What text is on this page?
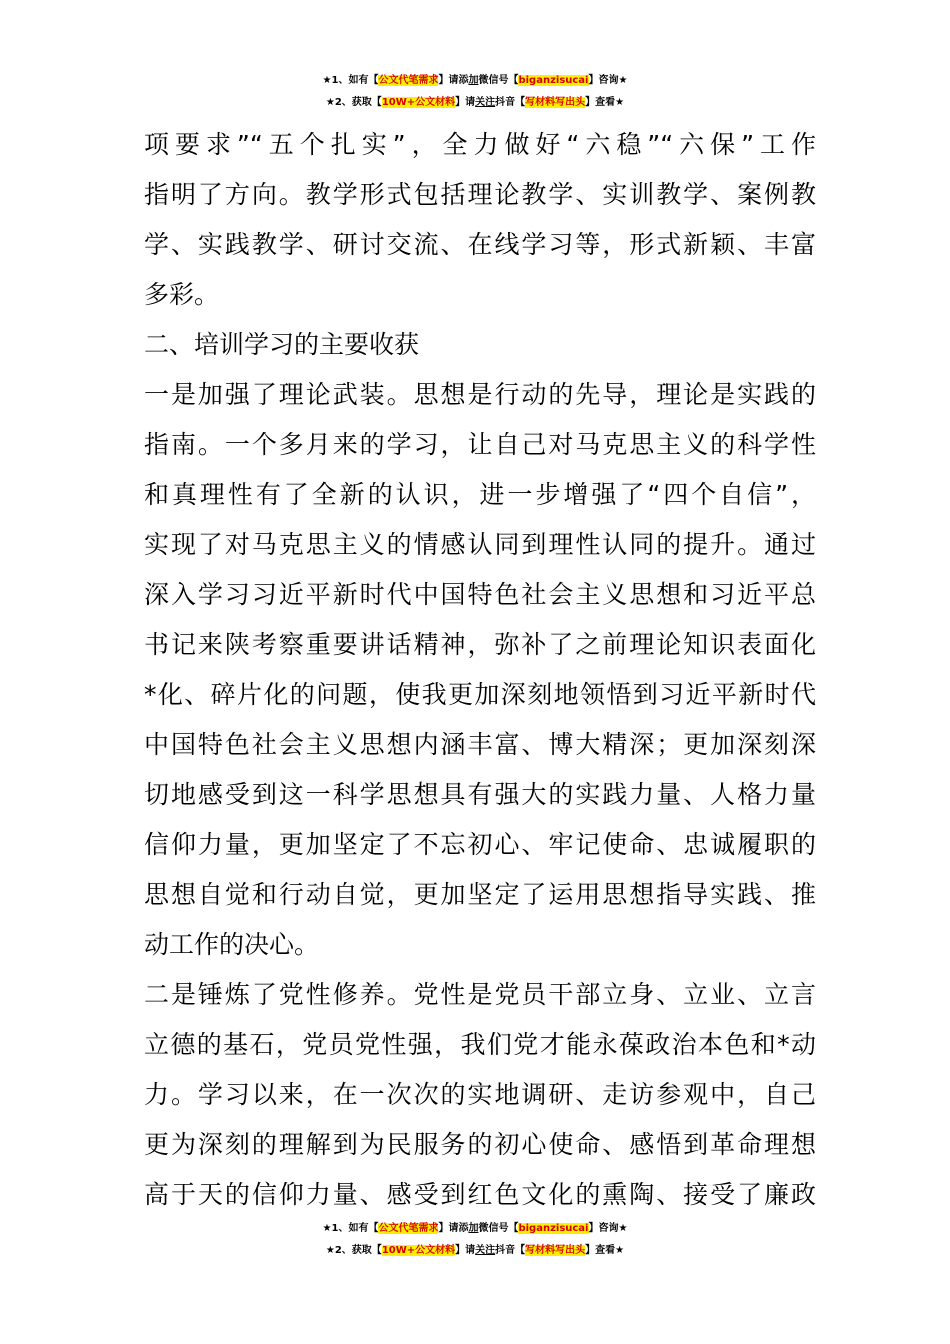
★1、如有【公文代笔需求】请添加微信号【biganzisucai】咨询★
★2、获取【10W+公文材料】请关注抖音【写材料写出头】查看★
项要求”“五个扎实”，全力做好“六稳”“六保”工作
指明了方向。教学形式包括理论教学、实训教学、案例教
学、实践教学、研讨交流、在线学习等，形式新颖、丰富
多彩。
二、培训学习的主要收获
一是加强了理论武装。思想是行动的先导，理论是实践的
指南。一个多月来的学习，让自己对马克思主义的科学性
和真理性有了全新的认识，进一步增强了“四个自信”，
实现了对马克思主义的情感认同到理性认同的提升。通过
深入学习习近平新时代中国特色社会主义思想和习近平总
书记来陕考察重要讲话精神，弥补了之前理论知识表面化
*化、碎片化的问题，使我更加深刻地领悟到习近平新时代
中国特色社会主义思想内涵丰富、博大精深；更加深刻深
切地感受到这一科学思想具有强大的实践力量、人格力量
信仰力量，更加坚定了不忘初心、牢记使命、忠诚履职的
思想自觉和行动自觉，更加坚定了运用思想指导实践、推
动工作的决心。
二是锤炼了党性修养。党性是党员干部立身、立业、立言
立德的基石，党员党性强，我们党才能永葆政治本色和*动
力。学习以来，在一次次的实地调研、走访参观中，自己
更为深刻的理解到为民服务的初心使命、感悟到革命理想
高于天的信仰力量、感受到红色文化的熏陶、接受了廉政
★1、如有【公文代笔需求】请添加微信号【biganzisucai】咨询★
★2、获取【10W+公文材料】请关注抖音【写材料写出头】查看★
